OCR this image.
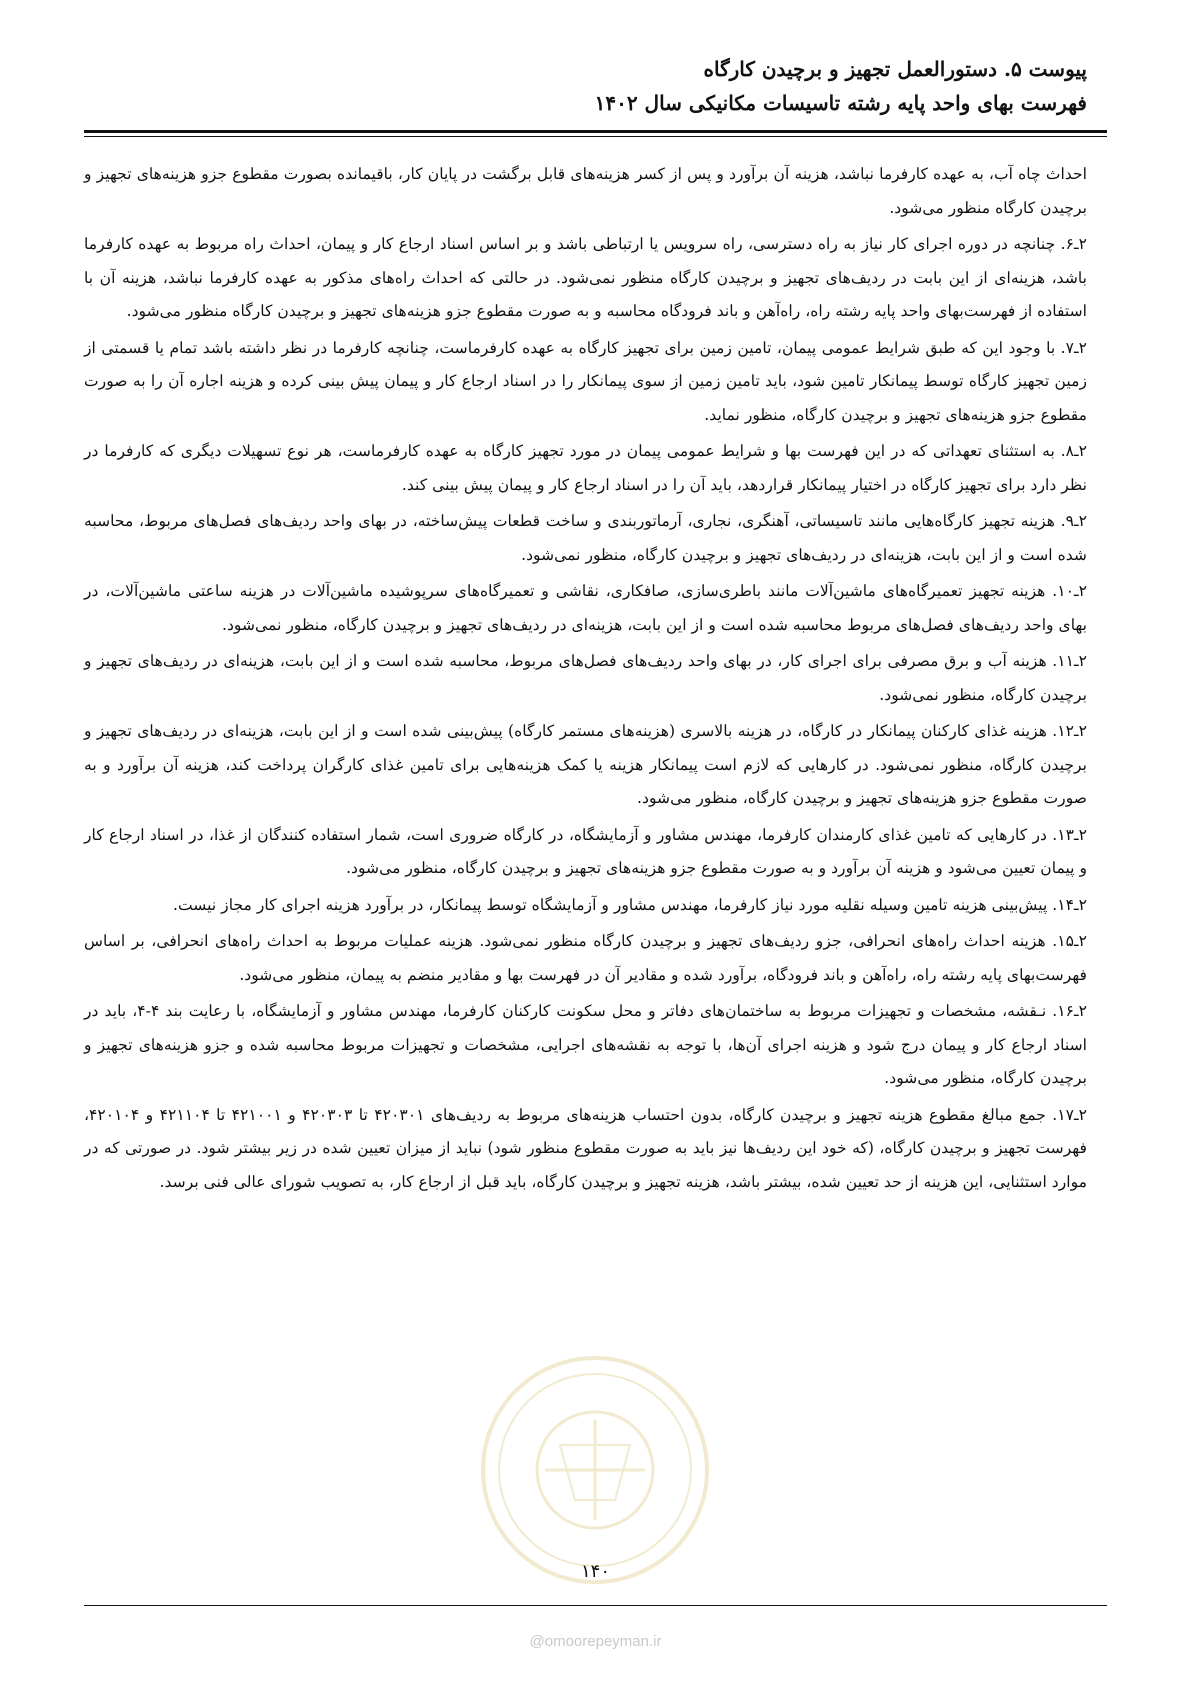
پیوست ۵. دستورالعمل تجهیز و برچیدن کارگاه
فهرست بهای واحد پایه رشته تاسیسات مکانیکی سال ۱۴۰۲

احداث چاه آب، به عهده کارفرما نباشد، هزینه آن برآورد و پس از کسر هزینه‌های قابل برگشت در پایان کار، باقیمانده بصورت مقطوع جزو هزینه‌های تجهیز و برچیدن کارگاه منظور می‌شود.

۲ـ۶. چنانچه در دوره اجرای کار نیاز به راه دسترسی، راه سرویس یا ارتباطی باشد و بر اساس اسناد ارجاع کار و پیمان، احداث راه مربوط به عهده کارفرما باشد، هزینه‌ای از این بابت در ردیف‌های تجهیز و برچیدن کارگاه منظور نمی‌شود. در حالتی که احداث راه‌های مذکور به عهده کارفرما نباشد، هزینه آن با استفاده از فهرست‌بهای واحد پایه رشته راه، راه‌آهن و باند فرودگاه محاسبه و به صورت مقطوع جزو هزینه‌های تجهیز و برچیدن کارگاه منظور می‌شود.

۲ـ۷. با وجود این که طبق شرایط عمومی پیمان، تامین زمین برای تجهیز کارگاه به عهده کارفرماست، چنانچه کارفرما در نظر داشته باشد تمام یا قسمتی از زمین تجهیز کارگاه توسط پیمانکار تامین شود، باید تامین زمین از سوی پیمانکار را در اسناد ارجاع کار و پیمان پیش بینی کرده و هزینه اجاره آن را به صورت مقطوع جزو هزینه‌های تجهیز و برچیدن کارگاه، منظور نماید.

۲ـ۸. به استثنای تعهداتی که در این فهرست بها و شرایط عمومی پیمان در مورد تجهیز کارگاه به عهده کارفرماست، هر نوع تسهیلات دیگری که کارفرما در نظر دارد برای تجهیز کارگاه در اختیار پیمانکار قراردهد، باید آن را در اسناد ارجاع کار و پیمان پیش بینی کند.

۲ـ۹. هزینه تجهیز کارگاه‌هایی مانند تاسیساتی، آهنگری، نجاری، آرماتوربندی و ساخت قطعات پیش‌ساخته، در بهای واحد ردیف‌های فصل‌های مربوط، محاسبه شده است و از این بابت، هزینه‌ای در ردیف‌های تجهیز و برچیدن کارگاه، منظور نمی‌شود.

۲ـ۱۰. هزینه تجهیز تعمیرگاه‌های ماشین‌آلات مانند باطری‌سازی، صافکاری، نقاشی و تعمیرگاه‌های سرپوشیده ماشین‌آلات در هزینه ساعتی ماشین‌آلات، در بهای واحد ردیف‌های فصل‌های مربوط محاسبه شده است و از این بابت، هزینه‌ای در ردیف‌های تجهیز و برچیدن کارگاه، منظور نمی‌شود.

۲ـ۱۱. هزینه آب و برق مصرفی برای اجرای کار، در بهای واحد ردیف‌های فصل‌های مربوط، محاسبه شده است و از این بابت، هزینه‌ای در ردیف‌های تجهیز و برچیدن کارگاه، منظور نمی‌شود.

۲ـ۱۲. هزینه غذای کارکنان پیمانکار در کارگاه، در هزینه بالاسری (هزینه‌های مستمر کارگاه) پیش‌بینی شده است و از این بابت، هزینه‌ای در ردیف‌های تجهیز و برچیدن کارگاه، منظور نمی‌شود. در کارهایی که لازم است پیمانکار هزینه یا کمک هزینه‌هایی برای تامین غذای کارگران پرداخت کند، هزینه آن برآورد و به صورت مقطوع جزو هزینه‌های تجهیز و برچیدن کارگاه، منظور می‌شود.

۲ـ۱۳. در کارهایی که تامین غذای کارمندان کارفرما، مهندس مشاور و آزمایشگاه، در کارگاه ضروری است، شمار استفاده کنندگان از غذا، در اسناد ارجاع کار و پیمان تعیین می‌شود و هزینه آن برآورد و به صورت مقطوع جزو هزینه‌های تجهیز و برچیدن کارگاه، منظور می‌شود.

۲ـ۱۴. پیش‌بینی هزینه تامین وسیله نقلیه مورد نیاز کارفرما، مهندس مشاور و آزمایشگاه توسط پیمانکار، در برآورد هزینه اجرای کار مجاز نیست.

۲ـ۱۵. هزینه احداث راه‌های انحرافی، جزو ردیف‌های تجهیز و برچیدن کارگاه منظور نمی‌شود. هزینه عملیات مربوط به احداث راه‌های انحرافی، بر اساس فهرست‌بهای پایه رشته راه، راه‌آهن و باند فرودگاه، برآورد شده و مقادیر آن در فهرست بها و مقادیر منضم به پیمان، منظور می‌شود.

۲ـ۱۶. نـقشه، مشخصات و تجهیزات مربوط به ساختمان‌های دفاتر و محل سکونت کارکنان کارفرما، مهندس مشاور و آزمایشگاه، با رعایت بند ۴-۴، باید در اسناد ارجاع کار و پیمان درج شود و هزینه اجرای آن‌ها، با توجه به نقشه‌های اجرایی، مشخصات و تجهیزات مربوط محاسبه شده و جزو هزینه‌های تجهیز و برچیدن کارگاه، منظور می‌شود.

۲ـ۱۷. جمع مبالغ مقطوع هزینه تجهیز و برچیدن کارگاه، بدون احتساب هزینه‌های مربوط به ردیف‌های ۴۲۰۳۰۱ تا ۴۲۰۳۰۳ و ۴۲۱۰۰۱ تا ۴۲۱۱۰۴ و ۴۲۰۱۰۴، فهرست تجهیز و برچیدن کارگاه، (که خود این ردیف‌ها نیز باید به صورت مقطوع منظور شود) نباید از میزان تعیین شده در زیر بیشتر شود. در صورتی که در موارد استثنایی، این هزینه از حد تعیین شده، بیشتر باشد، هزینه تجهیز و برچیدن کارگاه، باید قبل از ارجاع کار، به تصویب شورای عالی فنی برسد.

۱۴۰
@omoorepeyman.ir
